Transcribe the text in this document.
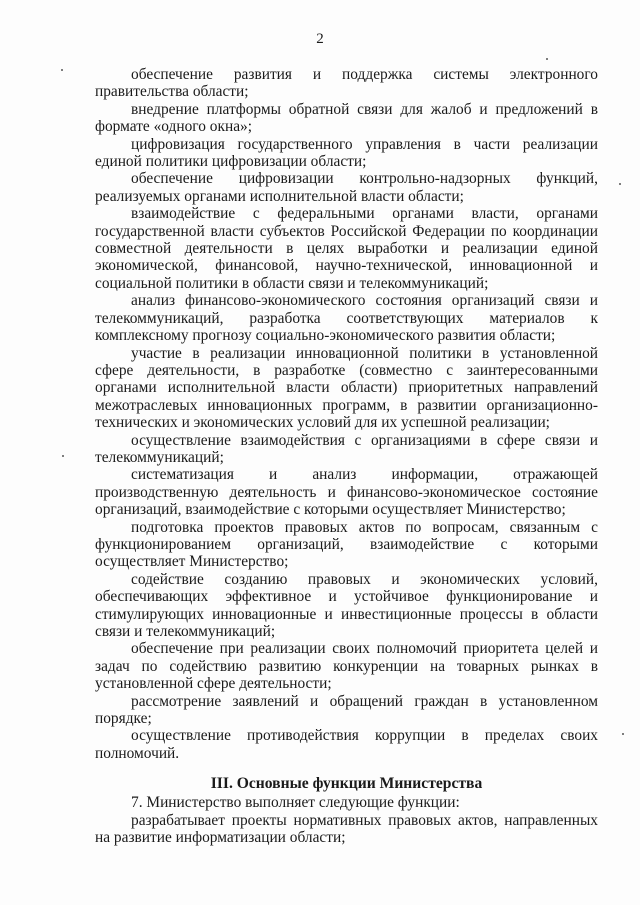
2

обеспечение развития и поддержка системы электронного правительства области;

внедрение платформы обратной связи для жалоб и предложений в формате «одного окна»;

цифровизация государственного управления в части реализации единой политики цифровизации области;

обеспечение цифровизации контрольно-надзорных функций, реализуемых органами исполнительной власти области;

взаимодействие с федеральными органами власти, органами государственной власти субъектов Российской Федерации по координации совместной деятельности в целях выработки и реализации единой экономической, финансовой, научно-технической, инновационной и социальной политики в области связи и телекоммуникаций;

анализ финансово-экономического состояния организаций связи и телекоммуникаций, разработка соответствующих материалов к комплексному прогнозу социально-экономического развития области;

участие в реализации инновационной политики в установленной сфере деятельности, в разработке (совместно с заинтересованными органами исполнительной власти области) приоритетных направлений межотраслевых инновационных программ, в развитии организационно-технических и экономических условий для их успешной реализации;

осуществление взаимодействия с организациями в сфере связи и телекоммуникаций;

систематизация и анализ информации, отражающей производственную деятельность и финансово-экономическое состояние организаций, взаимодействие с которыми осуществляет Министерство;

подготовка проектов правовых актов по вопросам, связанным с функционированием организаций, взаимодействие с которыми осуществляет Министерство;

содействие созданию правовых и экономических условий, обеспечивающих эффективное и устойчивое функционирование и стимулирующих инновационные и инвестиционные процессы в области связи и телекоммуникаций;

обеспечение при реализации своих полномочий приоритета целей и задач по содействию развитию конкуренции на товарных рынках в установленной сфере деятельности;

рассмотрение заявлений и обращений граждан в установленном порядке;

осуществление противодействия коррупции в пределах своих полномочий.

III. Основные функции Министерства

7. Министерство выполняет следующие функции:

разрабатывает проекты нормативных правовых актов, направленных на развитие информатизации области;
